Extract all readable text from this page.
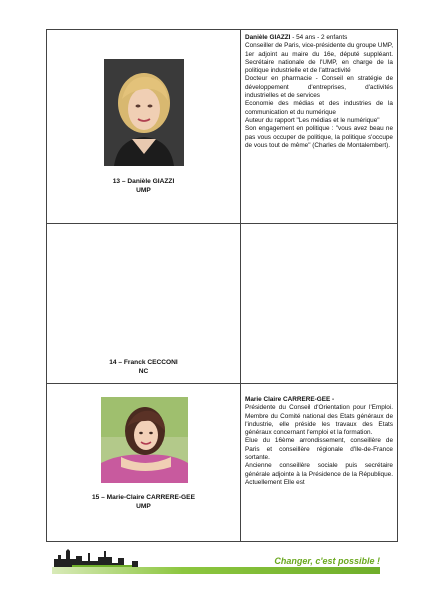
13 – Danièle GIAZZI
UMP

Danièle GIAZZI - 54 ans - 2 enfants

Conseiller de Paris, vice-présidente du groupe UMP, 1er adjoint au maire du 16e, député suppléant. Secrétaire nationale de l'UMP, en charge de la politique industrielle et de l'attractivité

Docteur en pharmacie - Conseil en stratégie de développement d'entreprises, d'activités industrielles et de services

Economie des médias et des industries de la communication et du numérique

Auteur du rapport "Les médias et le numérique"

Son engagement en politique : "vous avez beau ne pas vous occuper de politique, la politique s'occupe de vous tout de même" (Charles de Montalembert).

14 – Franck CECCONI
NC
15 – Marie-Claire CARRERE-GEE
UMP

Marie Claire CARRERE-GEE -

Présidente du Conseil d'Orientation pour l'Emploi. Membre du Comité national des Etats généraux de l'industrie, elle préside les travaux des Etats généraux concernant l'emploi et la formation.

Elue du 16ème arrondissement, conseillère de Paris et conseillère régionale d'Ile-de-France sortante.

Ancienne conseillère sociale puis secrétaire générale adjointe à la Présidence de la République. Actuellement Elle est

Changer, c'est possible !
